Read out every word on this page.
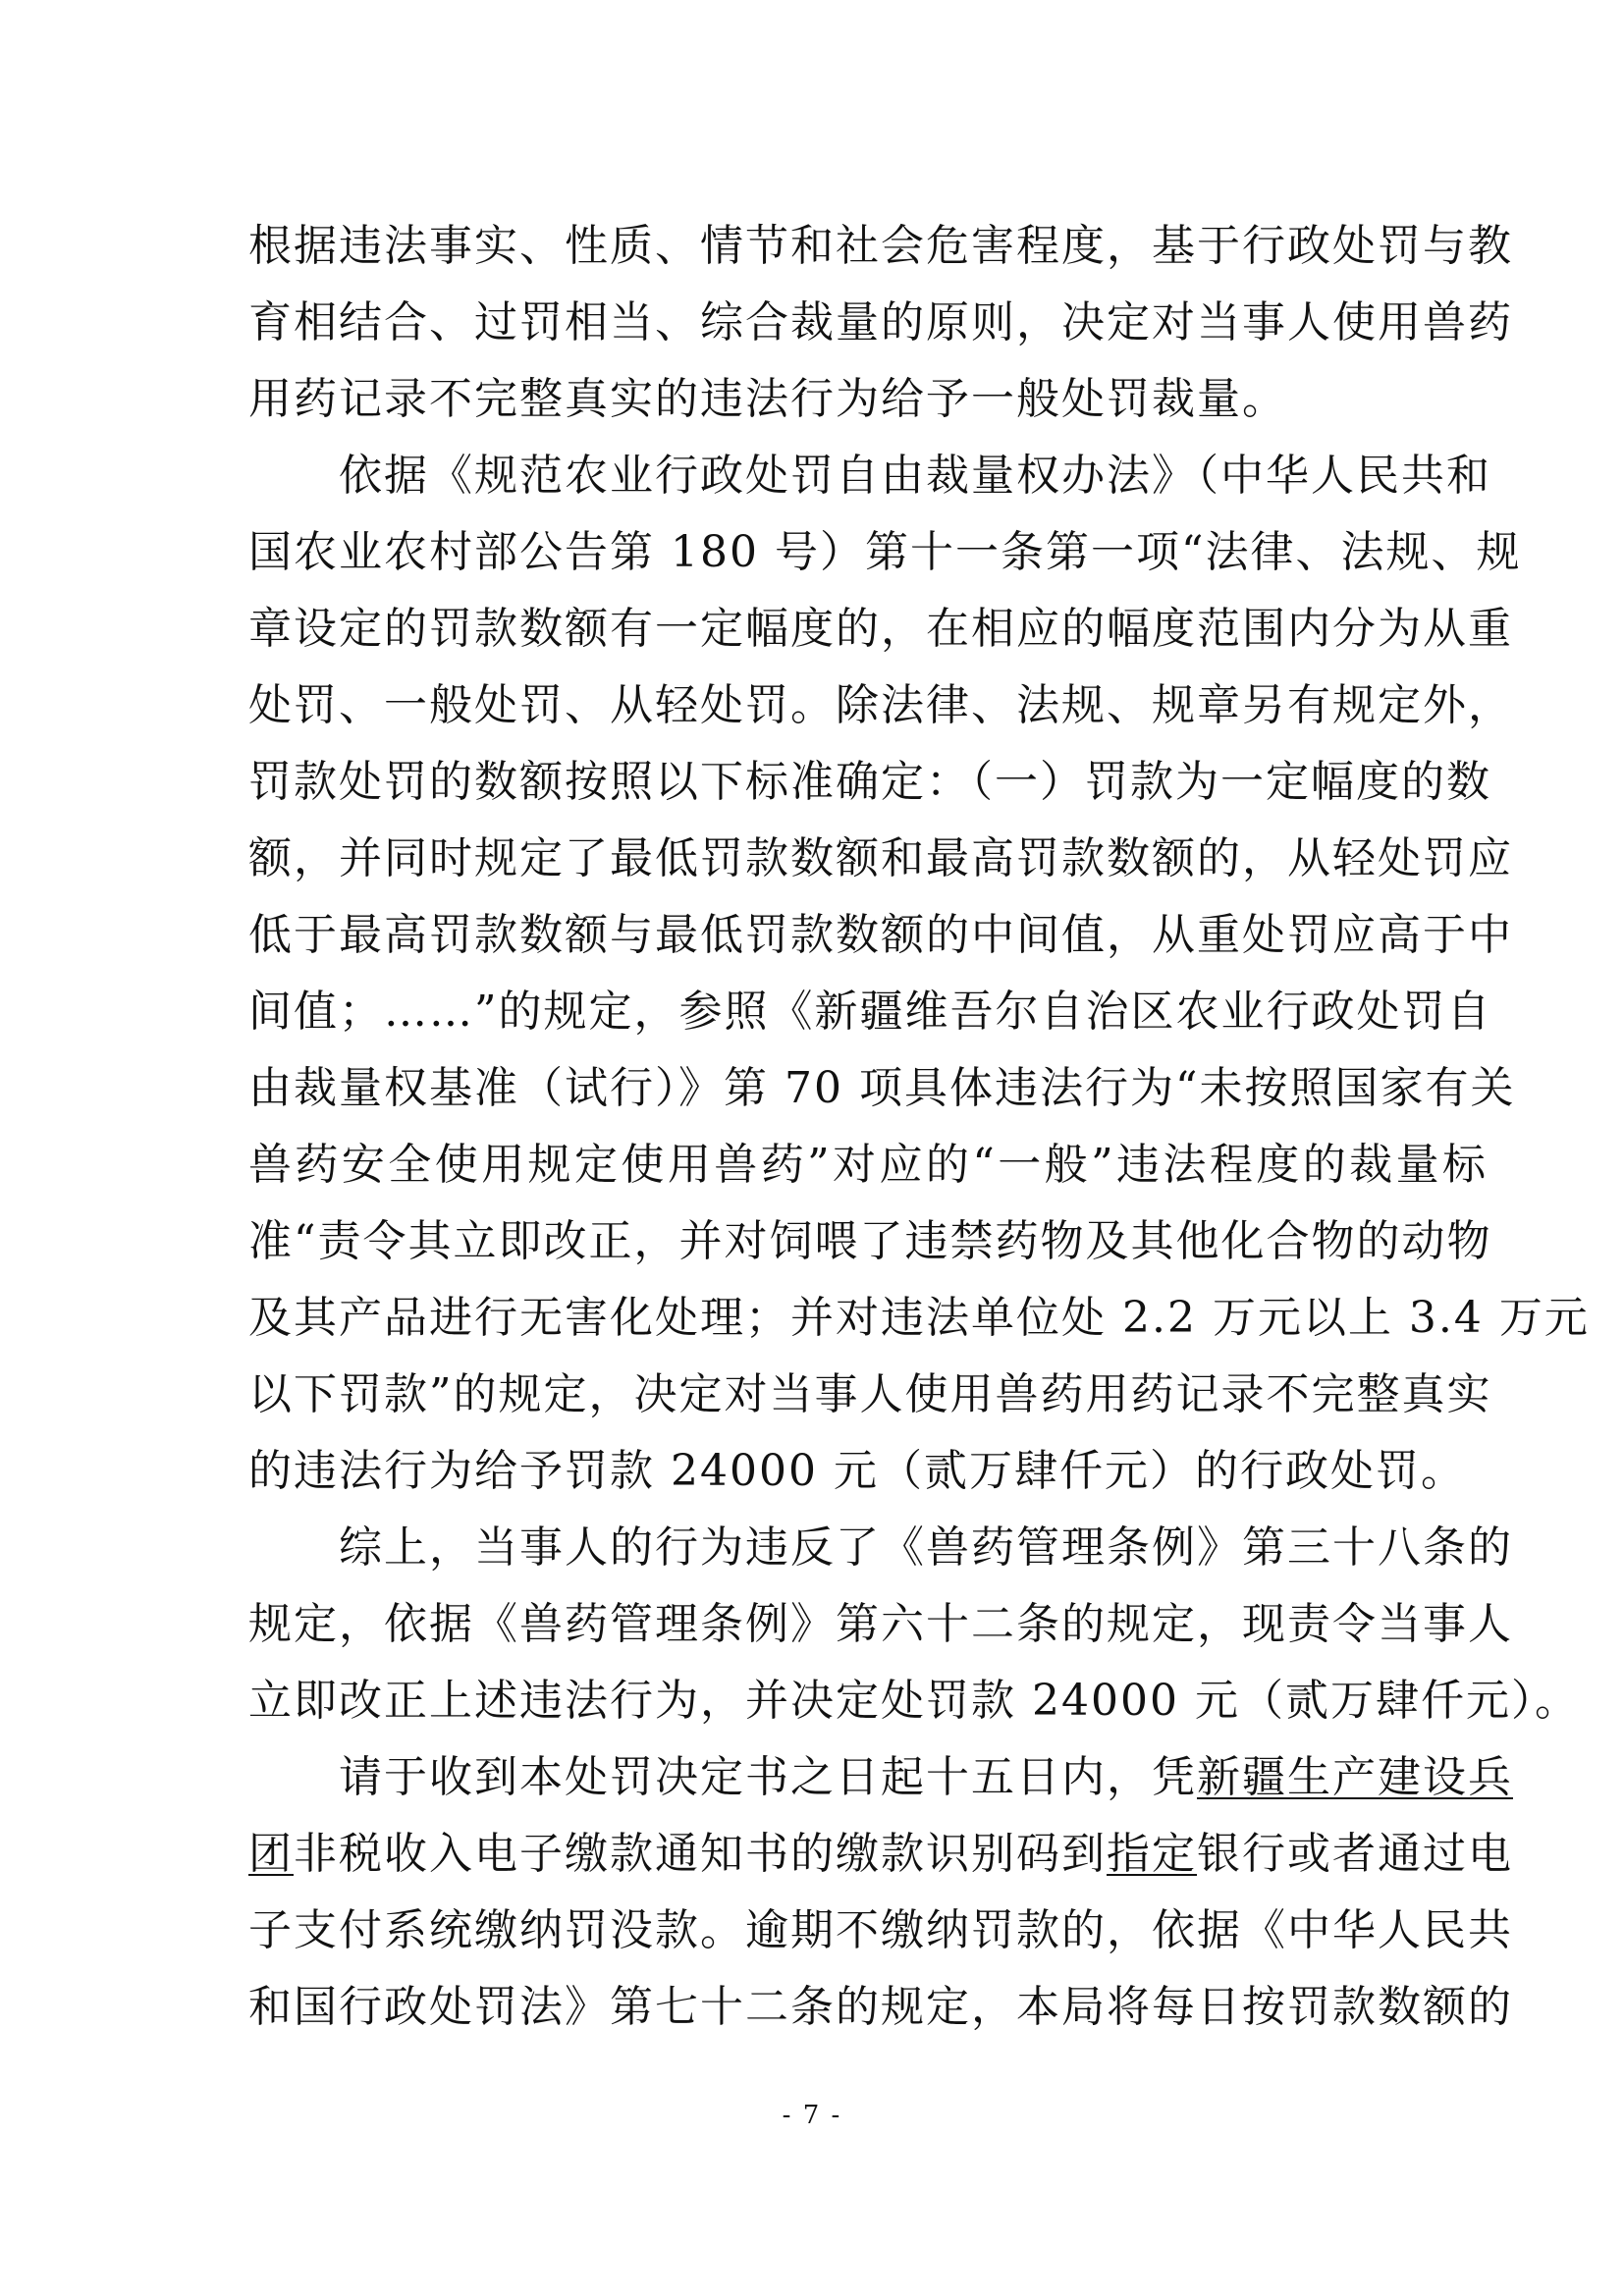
根据违法事实、性质、情节和社会危害程度，基于行政处罚与教
育相结合、过罚相当、综合裁量的原则，决定对当事人使用兽药
用药记录不完整真实的违法行为给予一般处罚裁量。
依据《规范农业行政处罚自由裁量权办法》（中华人民共和
国农业农村部公告第 180 号）第十一条第一项“法律、法规、规
章设定的罚款数额有一定幅度的，在相应的幅度范围内分为从重
处罚、一般处罚、从轻处罚。除法律、法规、规章另有规定外，
罚款处罚的数额按照以下标准确定：（一）罚款为一定幅度的数
额，并同时规定了最低罚款数额和最高罚款数额的，从轻处罚应
低于最高罚款数额与最低罚款数额的中间值，从重处罚应高于中
间值；……”的规定，参照《新疆维吾尔自治区农业行政处罚自
由裁量权基准（试行）》第 70 项具体违法行为“未按照国家有关
兽药安全使用规定使用兽药”对应的“一般”违法程度的裁量标
准“责令其立即改正，并对饲喂了违禁药物及其他化合物的动物
及其产品进行无害化处理；并对违法单位处 2.2 万元以上 3.4 万元
以下罚款”的规定，决定对当事人使用兽药用药记录不完整真实
的违法行为给予罚款 24000 元（贰万肆仟元）的行政处罚。
综上，当事人的行为违反了《兽药管理条例》第三十八条的
规定，依据《兽药管理条例》第六十二条的规定，现责令当事人
立即改正上述违法行为，并决定处罚款 24000 元（贰万肆仟元）。
请于收到本处罚决定书之日起十五日内，凭新疆生产建设兵
团非税收入电子缴款通知书的缴款识别码到指定银行或者通过电
子支付系统缴纳罚没款。逾期不缴纳罚款的，依据《中华人民共
和国行政处罚法》第七十二条的规定，本局将每日按罚款数额的
- 7 -
